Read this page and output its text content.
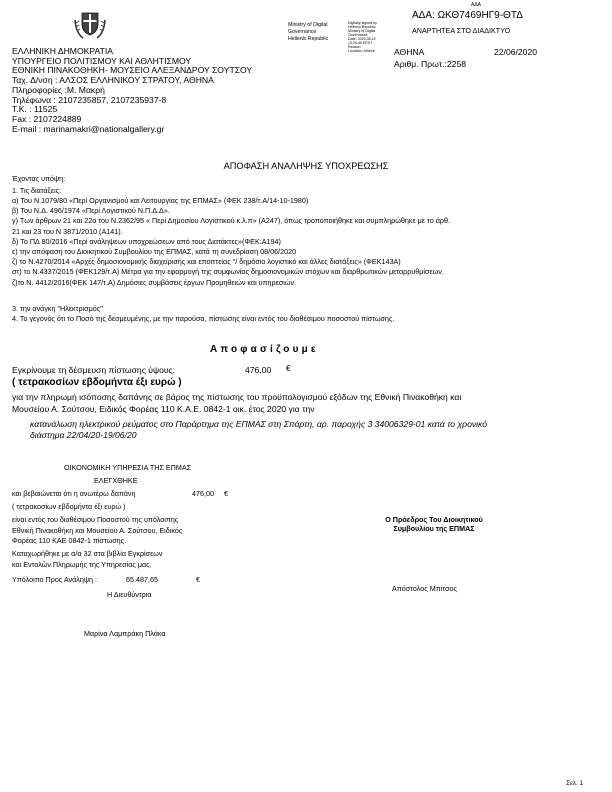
ΑΔΑ
ΑΔΑ: ΩΚΘ7469ΗΓ9-ΘΤΔ
ΑΝΑΡΤΗΤΕΑ ΣΤΟ ΔΙΑΔΙΚΤΥΟ
Ministry of Digital
Governance
Hellenic Republic
Digitally signed by
Hellenic Republic
Ministry of Digital
Governance
Date: 2020.06.22
13:26:46 EEST
Reason:
Location: Athens
ΕΛΛΗΝΙΚΗ ΔΗΜΟΚΡΑΤΙΑ
ΥΠΟΥΡΓΕΙΟ ΠΟΛΙΤΙΣΜΟΥ ΚΑΙ ΑΘΛΗΤΙΣΜΟΥ
ΕΘΝΙΚΗ ΠΙΝΑΚΟΘΗΚΗ- ΜΟΥΣΕΙΟ ΑΛΕΞΑΝΔΡΟΥ ΣΟΥΤΣΟΥ
Ταχ. Δ/νση : ΑΛΣΟΣ ΕΛΛΗΝΙΚΟΥ ΣΤΡΑΤΟΥ, ΑΘΗΝΑ
Πληροφορίες :Μ. Μακρή
Τηλέφωνα : 2107235857, 2107235937-8
Τ.Κ. : 11525
Fax : 2107224889
E-mail : marinamakri@nationalgallery.gr
ΑΘΗΝΑ	22/06/2020
Αριθμ. Πρωτ.:2258
ΑΠΟΦΑΣΗ ΑΝΑΛΗΨΗΣ ΥΠΟΧΡΕΩΣΗΣ
Έχοντας υπόψη:
1. Τις διατάξεις:
α) Του Ν.1079/80 «Περί Οργανισμού και Λειτουργίας της ΕΠΜΑΣ» (ΦΕΚ 238/τ.Α/14-10-1980)
β) Του Ν.Δ. 496/1974 «Περί Λογιστικού Ν.Π.Δ.Δ».
γ) Των άρθρων 21 και 22ο του Ν.2362/95 « Περί Δημοσίου Λογιστικού κ.λ.π» (Α247), όπως τροποποιήθηκε και συμπληρώθηκε με το άρθ.
21 και 23 του Ν 3871/2010 (Α141).
δ) Το ΠΔ 80/2016 «Περί ανάληψεων υποχρεώσεων από τους Διατάκτες»(ΦΕΚ:Α194)
ε) την απόφαση του Διοικητικού Συμβουλίου της ΕΠΜΑΣ, κατά τη συνεδρίαση 08/06/2020
ζ) το Ν.4270/2014 «Αρχές δημοσιονομικής διαχείρισης και εποπτείας "/ δημόσιο λογιστικό και άλλες διατάξεις» (ΦΕΚ143Α)
στ) το Ν.4337/2015 (ΦΕΚ129/τ.Α) Μέτρα για την εφαρμογή της συμφωνίας δημοσιονομικών στόχων και διαρθρωτικών μεταρρυθμίσεων.
ζ)το Ν. 4412/2016(ΦΕΚ 147/τ.Α) Δημόσιες συμβάσεις έργων Προμηθειών και υπηρεσιών.
3. την ανάγκη "Ηλεκτρισμός"
4. Το γεγονός ότι το Ποσό της δεσμευμένης, με την παρούσα, πίστωσης είναι εντός του διαθέσιμου ποσοστού πίστωσης.
Αποφασίζουμε
Εγκρίνουμε τη δέσμευση πίστωσης ύψους:	476,00 €
( τετρακοσίων εβδομήντα έξι ευρώ )
για την πληρωμή ισόποσης δαπάνης σε βάρος της πίστωσης του προϋπολογισμού εξόδων της Εθνική Πινακοθήκη και
Μουσείου Α. Σούτσου, Ειδικός Φορέας 110 Κ.Α.Ε. 0842-1 οικ. έτος 2020 για την
κατανάλωση ηλεκτρικού ρεύματος στο Παράρτημα της ΕΠΜΑΣ στη Σπάρτη, αρ. παροχής 3 34006329-01 κατά το χρονικό
διάστημα 22/04/20-19/06/20
ΟΙΚΟΝΟΜΙΚΗ ΥΠΗΡΕΣΙΑ ΤΗΣ ΕΠΜΑΣ
ΕΛΕΓΧΘΗΚΕ
και βεβαιώνεται ότι η ανωτέρω δαπάνη	476,00 €
( τετρακοσίων εβδομήντα έξι ευρώ )
είναι εντός του διαθέσιμου Ποσοστού της υπόλοιπης
Εθνική Πινακοθήκη και Μουσείου Α. Σούτσου, Ειδικός
Φορέας 110 ΚΑΕ 0842-1 πίστωσης.
Καταχωρήθηκε με α/α 32 στα βιβλία Εγκρίσεων
και Εντολών Πληρωμής της Υπηρεσίας μας.
Υπόλοιπο Προς Ανάληψη :	65.487,65	€
Η Διευθύντρια
Μαρίνα Λαμπράκη Πλάκα
Ο Πρόεδρος Του Διοικητικού
Συμβουλίου της ΕΠΜΑΣ
Απόστολος Μπίτσος
Σελ. 1
